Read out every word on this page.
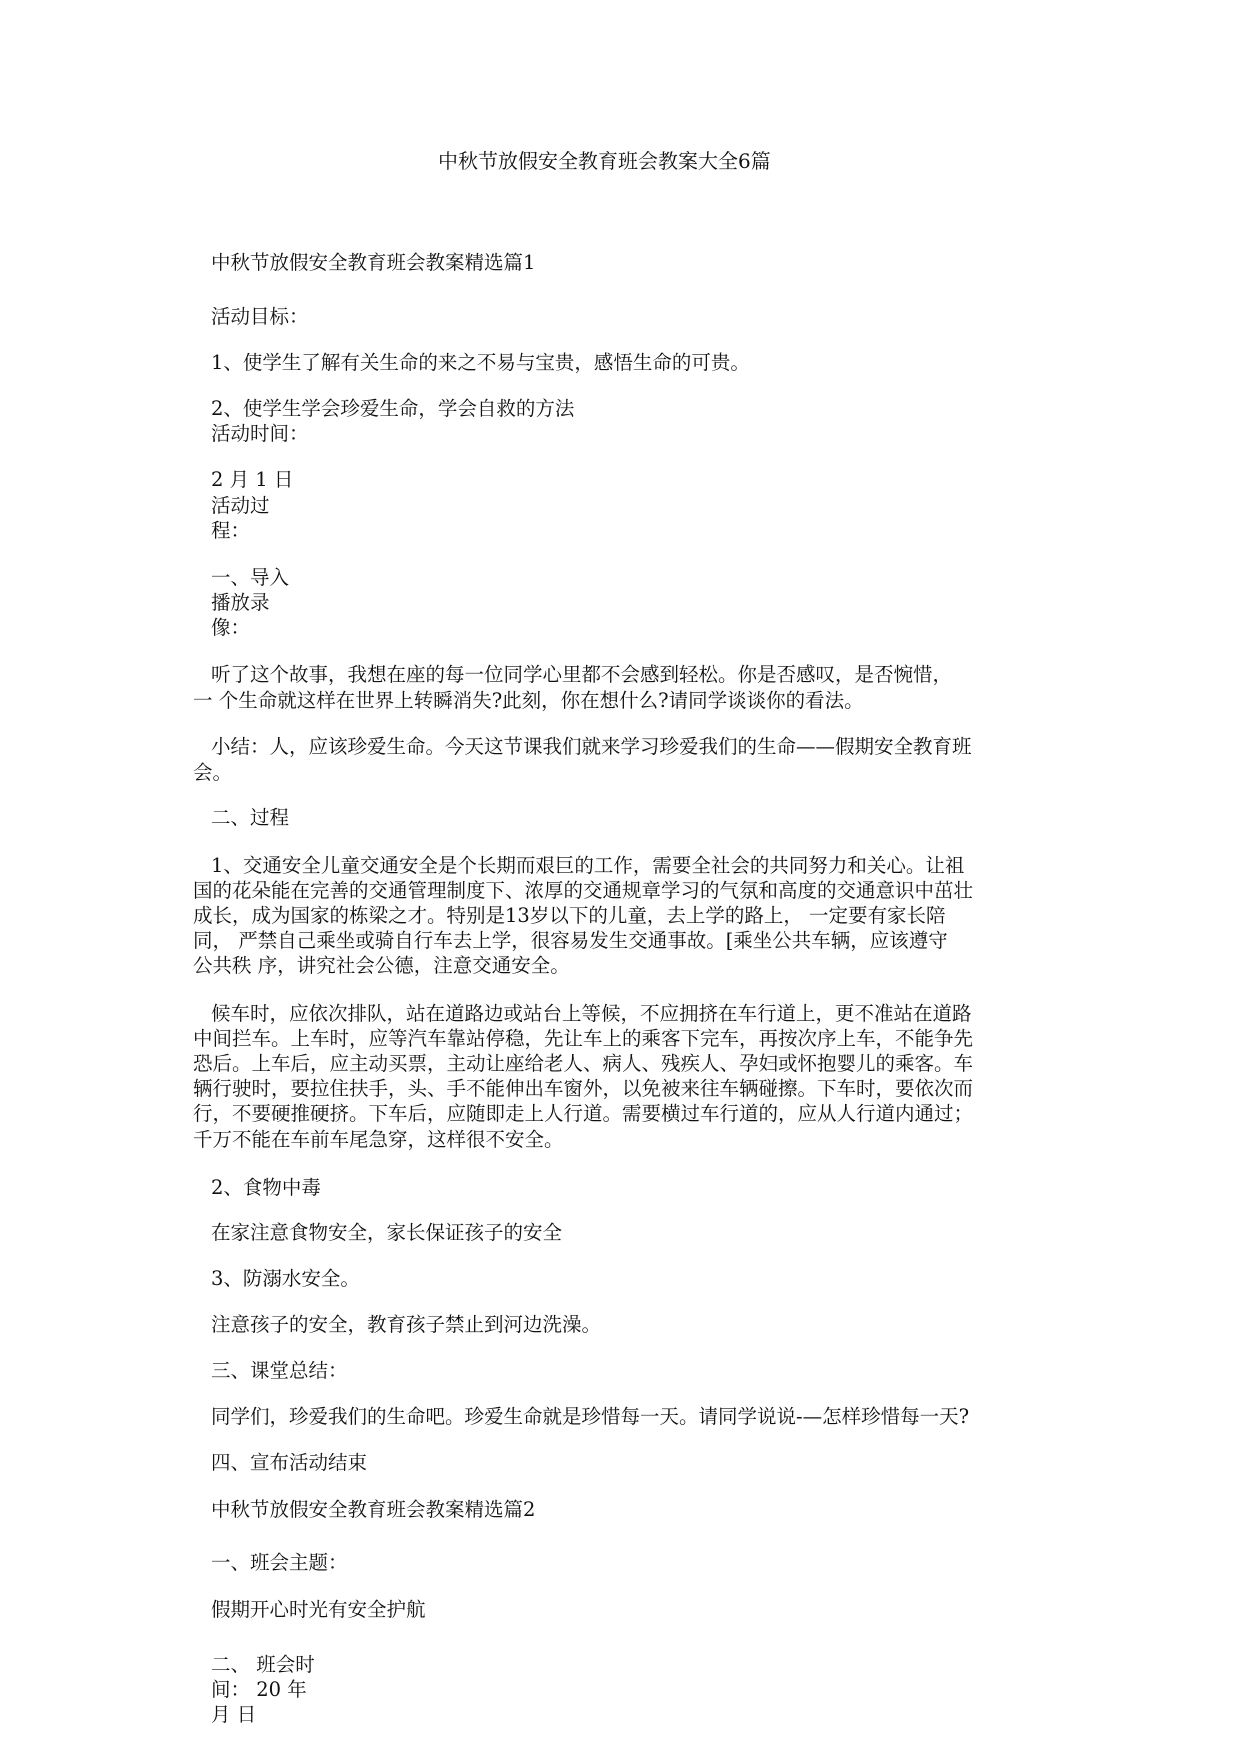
中秋节放假安全教育班会教案大全6篇
中秋节放假安全教育班会教案精选篇1
活动目标：
1、使学生了解有关生命的来之不易与宝贵，感悟生命的可贵。
2、使学生学会珍爱生命，学会自救的方法
活动时间：
2 月 1 日
活动过
程：
一、导入
播放录
像：
听了这个故事，我想在座的每一位同学心里都不会感到轻松。你是否感叹，是否惋惜，
一 个生命就这样在世界上转瞬消失?此刻，你在想什么?请同学谈谈你的看法。
小结：人，应该珍爱生命。今天这节课我们就来学习珍爱我们的生命——假期安全教育班
会。
二、过程
1、交通安全儿童交通安全是个长期而艰巨的工作，需要全社会的共同努力和关心。让祖
国的花朵能在完善的交通管理制度下、浓厚的交通规章学习的气氛和高度的交通意识中茁壮
成长，成为国家的栋梁之才。特别是13岁以下的儿童，去上学的路上， 一定要有家长陪
同， 严禁自己乘坐或骑自行车去上学，很容易发生交通事故。[乘坐公共车辆，应该遵守
公共秩 序，讲究社会公德，注意交通安全。
候车时，应依次排队，站在道路边或站台上等候，不应拥挤在车行道上，更不准站在道路
中间拦车。上车时，应等汽车靠站停稳，先让车上的乘客下完车，再按次序上车，不能争先
恐后。上车后，应主动买票，主动让座给老人、病人、残疾人、孕妇或怀抱婴儿的乘客。车
辆行驶时，要拉住扶手，头、手不能伸出车窗外，以免被来往车辆碰擦。下车时，要依次而
行，不要硬推硬挤。下车后，应随即走上人行道。需要横过车行道的，应从人行道内通过；
千万不能在车前车尾急穿，这样很不安全。
2、食物中毒
在家注意食物安全，家长保证孩子的安全
3、防溺水安全。
注意孩子的安全，教育孩子禁止到河边洗澡。
三、课堂总结：
同学们，珍爱我们的生命吧。珍爱生命就是珍惜每一天。请同学说说-—怎样珍惜每一天?
四、宣布活动结束
中秋节放假安全教育班会教案精选篇2
一、班会主题：
假期开心时光有安全护航
二、 班会时
间： 20 年
月 日
